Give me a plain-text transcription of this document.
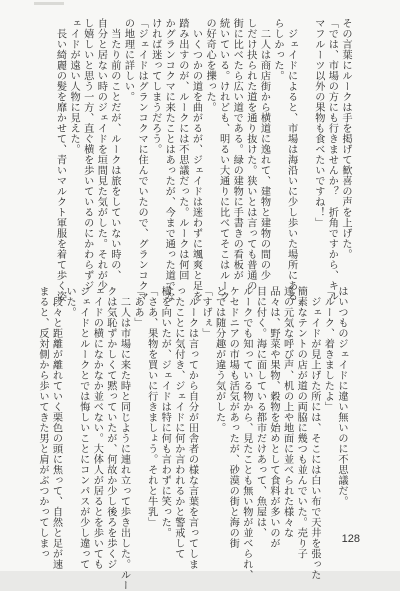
その言葉にルークは手を掲げて歓喜の声を上げた。
「では、市場の方にも行きませんか？　折角ですから、キル
マフルーツ以外の果物も食べたいですね！」

　ジェイドによると、市場は海沿いに少し歩いた場所にある
らしかった。
　二人は商店街から横道に逸れて、建物と建物の間の少
しだけ抉られた道を通り抜けた。狭いとは言っても普通の
街に比べたら広い道である。緑の建物に手書きの看板が
続いている。けれども、明るい大通りに比べてそこはルーク
の好奇心を擽った。
　いくつかの道を曲がるが、ジェイドは迷わずに颯爽と足を
踏み出すのが、ルークには不思議だった。ルークは何回
かグランコクマに来たことはあったが、今まで通った道でな
ければ迷ってしまうだろう。
「ジェイドはグランコクマに住んでいたので、グランコクマ
の地理に詳しい。
　当たり前のことだが、ルークは旅をしていない時の、
自分と居ない時のジェイドを垣間見た気がした。それが少
し嬉しいと思う一方、直ぐ横を歩いているのにかわらずジ
ェイドが遠い人物に見えた。
　長い綺麗の髪を靡かせて、青いマルクト軍服を着て歩く姿
はいつものジェイドに違い無いのに不思議だ。
「ルーク、着きましたよ」
　ジェイドが見上げた所には、そこには白い布で天井を張った
簡素なテントの店が道の両脇に幾つも並んでいた。売り子
達の元気な呼び声、机の上や地面に並べられた様々な
品々は、野菜や果物、穀物を始めとして食料が多いのが
目に付く。海に面している都市だけあって、魚屋は、
ルークでも知っている物から、見たことも無い物が並べられ、
ケセドニアの市場も活気があったが、砂漠の街と海の街
とでは随分趣が違う気がした。
「すげぇ」
　ルークは言ってから自分が田舎者の様な言葉を言ってしま
ったことに気付き、ジェイドに何か言われるかと警戒して
横を向いたが、ジェイドは特に何も言わずに笑った。
「さあ、果物を買いに行きましょう。それと牛乳」
「ああ」
　二人は市場に来た時と同じように連れ立って歩き出した。ルー
クは気恥ずかしくて黙っていたが、何故か少し後ろを歩くジ
ェイドの横になかなか並べない。大体人が居るとを歩いても
ジェイドとルークとでは悔しいことにコンパスが少し違って
いた。
　段々と距離が離れていく栗色の頭に焦って、自然と足が速
まると、反対側から歩いてきた男と肩がぶつかってしまっ	128
